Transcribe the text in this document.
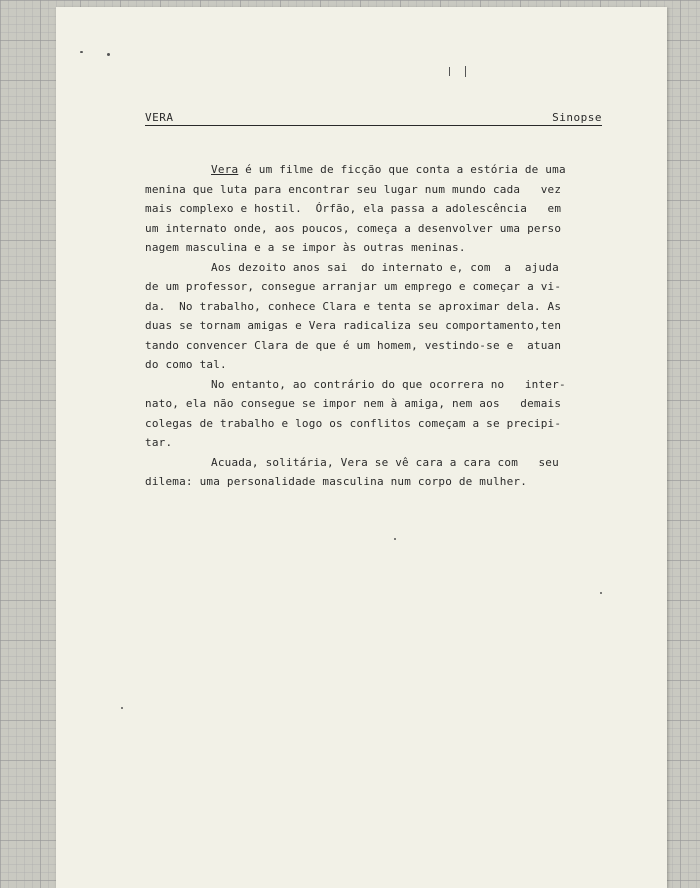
VERA	Sinopse
Vera é um filme de ficção que conta a estória de uma
menina que luta para encontrar seu lugar num mundo cada   vez
mais complexo e hostil.  Órfão, ela passa a adolescência   em
um internato onde, aos poucos, começa a desenvolver uma perso
nagem masculina e a se impor às outras meninas.
Aos dezoito anos sai  do internato e, com  a  ajuda
de um professor, consegue arranjar um emprego e começar a vi-
da.  No trabalho, conhece Clara e tenta se aproximar dela. As
duas se tornam amigas e Vera radicaliza seu comportamento,ten
tando convencer Clara de que é um homem, vestindo-se e  atuan
do como tal.
No entanto, ao contrário do que ocorrera no   inter-
nato, ela não consegue se impor nem à amiga, nem aos   demais
colegas de trabalho e logo os conflitos começam a se precipi-
tar.
Acuada, solitária, Vera se vê cara a cara com   seu
dilema: uma personalidade masculina num corpo de mulher.
